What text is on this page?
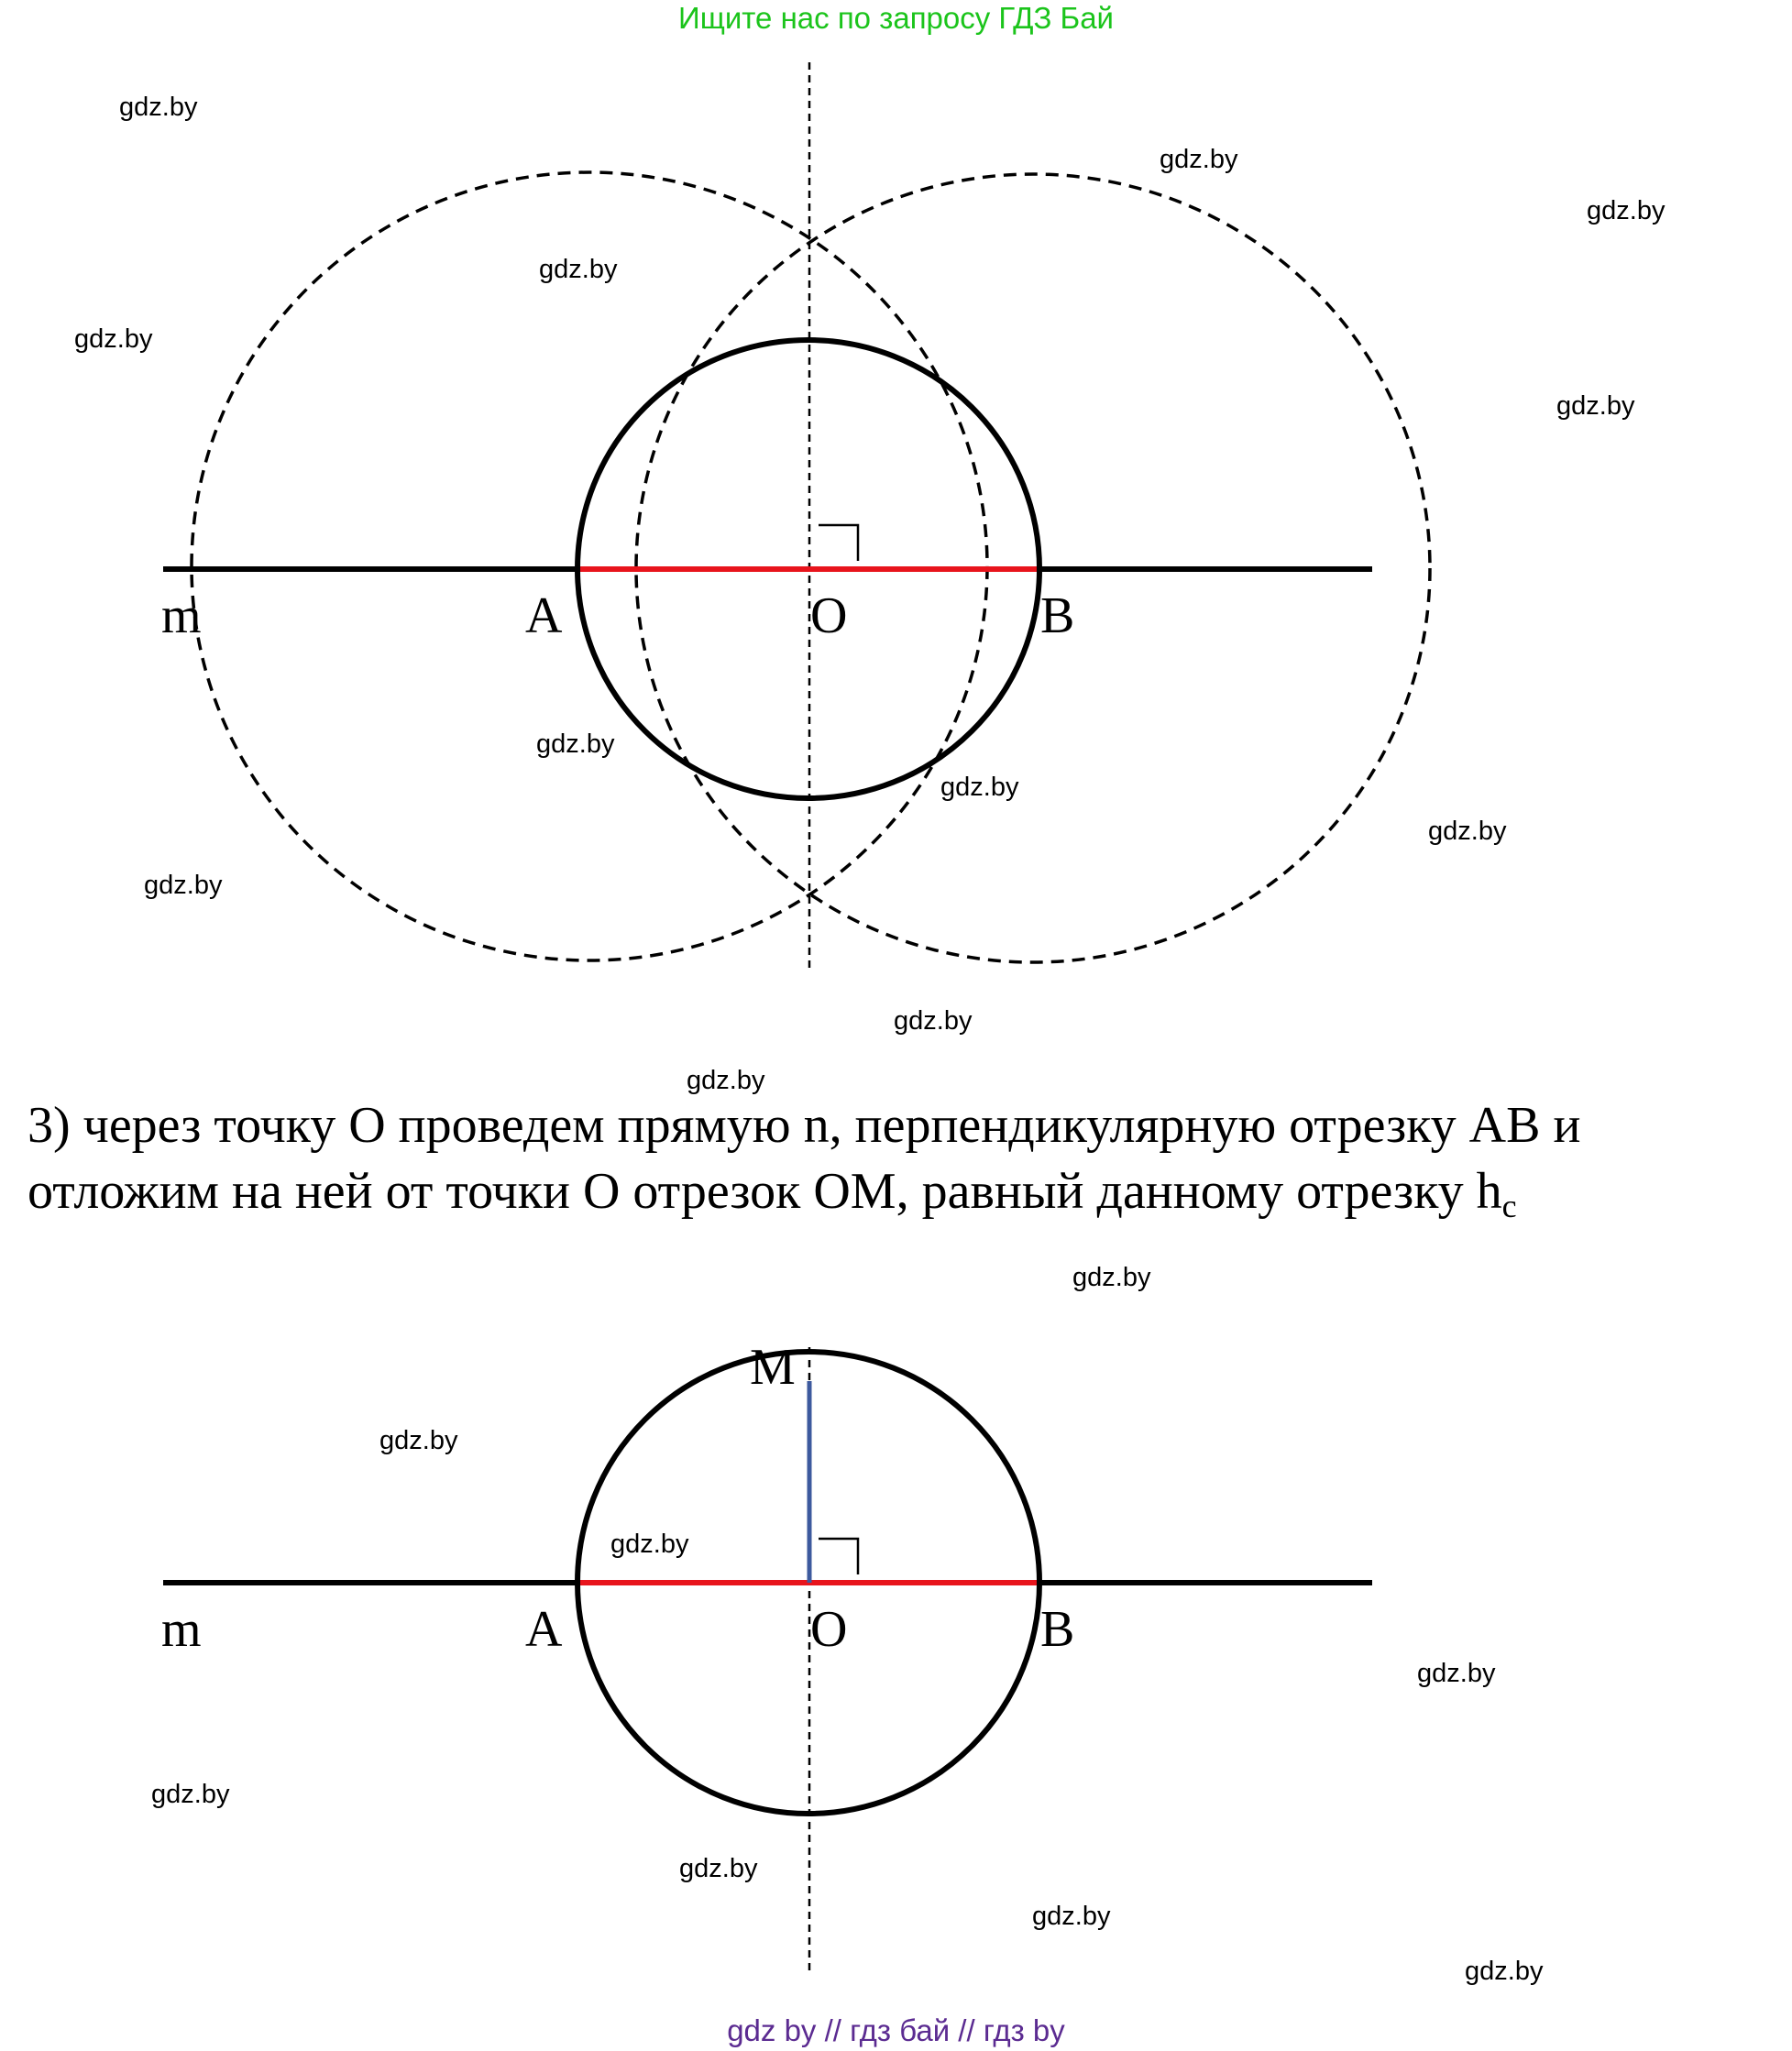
Ищите нас по запросу ГДЗ Бай
m	A	O	B
m	A	O	B
M
3) через точку O проведем прямую n, перпендикулярную отрезку AB и отложим на ней от точки O отрезок OM, равный данному отрезку $h_c$
gdz.by
gdz.by
gdz.by
gdz.by
gdz.by
gdz.by
gdz.by
gdz.by
gdz.by
gdz.by
gdz.by
gdz.by
gdz.by
gdz.by
gdz.by
gdz.by
gdz.by
gdz.by
gdz.by
gdz.by
gdz by // гдз бай // гдз by
